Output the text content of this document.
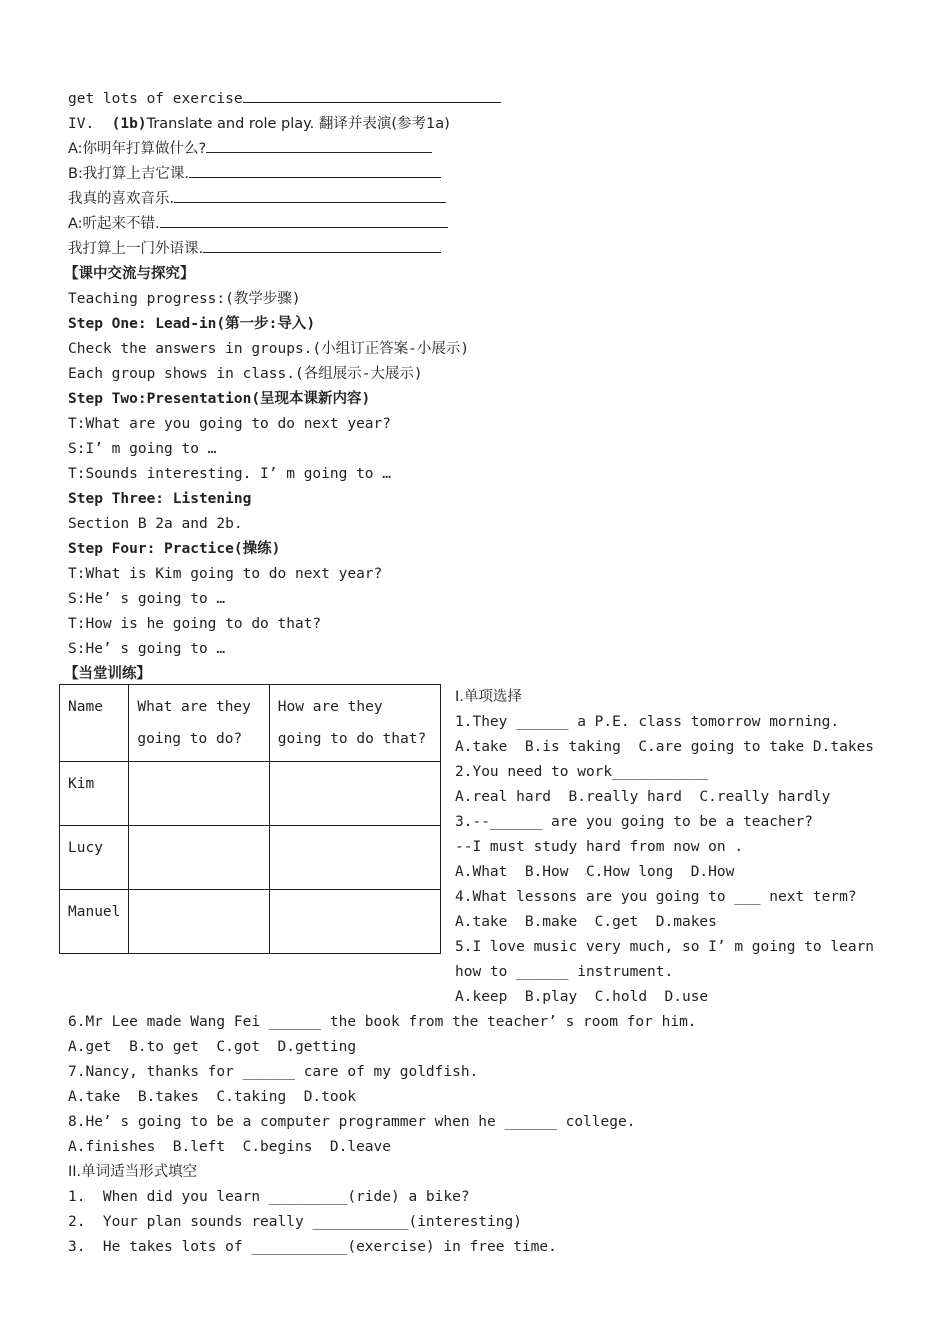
get lots of exercise
IV. (1b)Translate and role play. 翻译并表演(参考1a)
A:你明年打算做什么?
B:我打算上吉它课.
我真的喜欢音乐.
A:听起来不错.
我打算上一门外语课.
【课中交流与探究】
Teaching progress:(教学步骤)
Step One: Lead-in(第一步:导入)
Check the answers in groups.(小组订正答案-小展示)
Each group shows in class.(各组展示-大展示)
Step Two:Presentation(呈现本课新内容)
T:What are you going to do next year?
S:I’ m going to …
T:Sounds interesting. I’ m going to …
Step Three: Listening
Section B 2a and 2b.
Step Four: Practice(操练)
T:What is Kim going to do next year?
S:He’ s going to …
T:How is he going to do that?
S:He’ s going to …
【当堂训练】
Name	What are they going to do?	How are they going to do that?
Kim		
Lucy		
Manuel		
I.单项选择
1.They ______ a P.E. class tomorrow morning.
A.take  B.is taking  C.are going to take D.takes
2.You need to work___________
A.real hard  B.really hard  C.really hardly
3.--______ are you going to be a teacher?
--I must study hard from now on .
A.What  B.How  C.How long  D.How
4.What lessons are you going to ___ next term?
A.take  B.make  C.get  D.makes
5.I love music very much, so I’ m going to learn
how to ______ instrument.
A.keep  B.play  C.hold  D.use
6.Mr Lee made Wang Fei ______ the book from the teacher’ s room for him.
A.get  B.to get  C.got  D.getting
7.Nancy, thanks for ______ care of my goldfish.
A.take  B.takes  C.taking  D.took
8.He’ s going to be a computer programmer when he ______ college.
A.finishes  B.left  C.begins  D.leave
II.单词适当形式填空
1.  When did you learn _________(ride) a bike?
2.  Your plan sounds really ___________(interesting)
3.  He takes lots of ___________(exercise) in free time.
